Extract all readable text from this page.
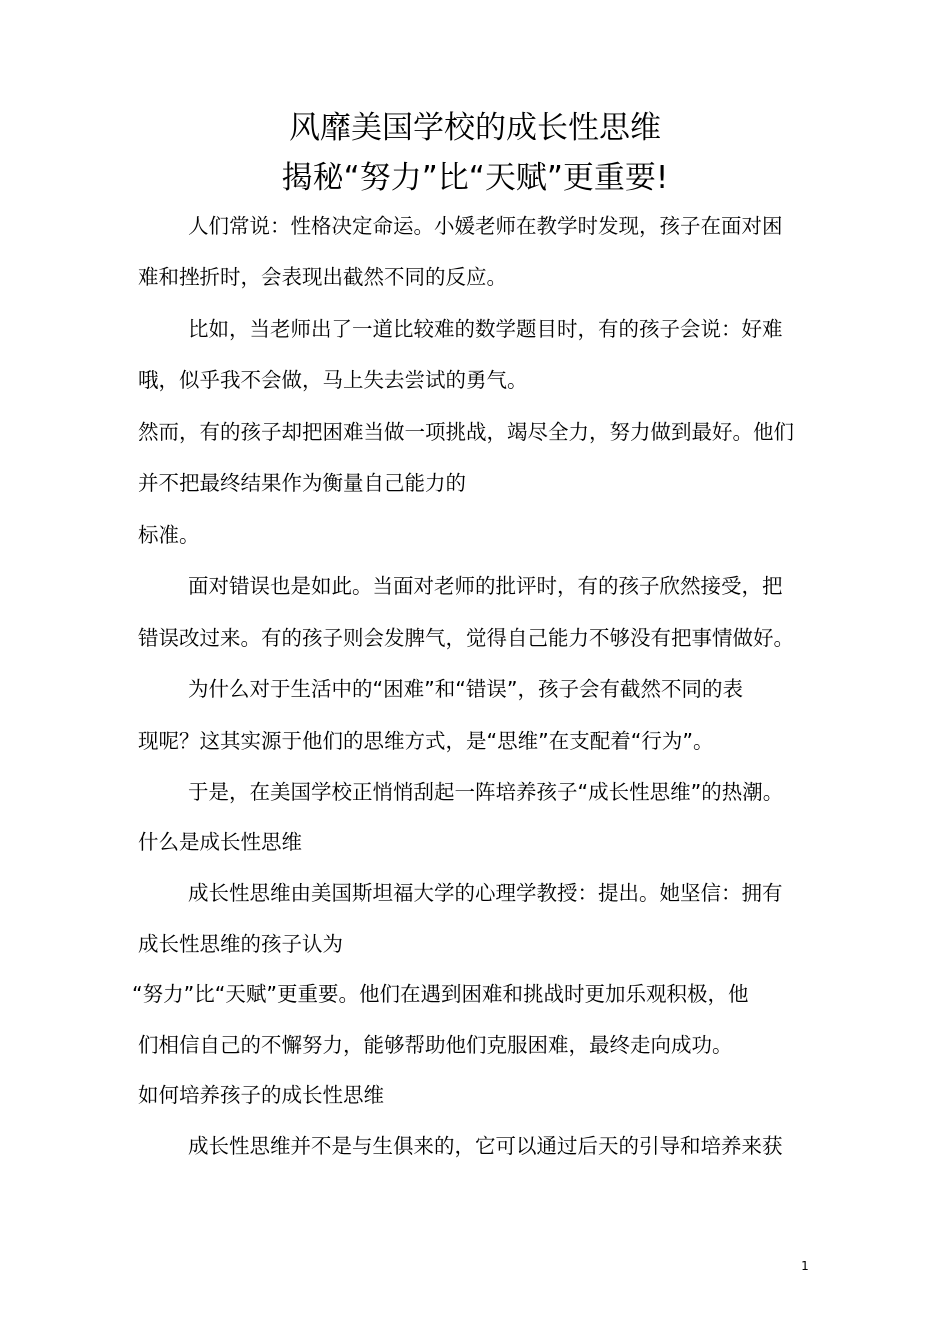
风靡美国学校的成长性思维
揭秘“努力”比“天赋”更重要!
人们常说：性格决定命运。小媛老师在教学时发现，孩子在面对困
难和挫折时，会表现出截然不同的反应。
比如，当老师出了一道比较难的数学题目时，有的孩子会说：好难
哦，似乎我不会做，马上失去尝试的勇气。
然而，有的孩子却把困难当做一项挑战，竭尽全力，努力做到最好。他们
并不把最终结果作为衡量自己能力的
标准。
面对错误也是如此。当面对老师的批评时，有的孩子欣然接受，把
错误改过来。有的孩子则会发脾气，觉得自己能力不够没有把事情做好。
为什么对于生活中的“困难”和“错误”，孩子会有截然不同的表
现呢？这其实源于他们的思维方式，是“思维”在支配着“行为”。
于是，在美国学校正悄悄刮起一阵培养孩子“成长性思维”的热潮。
什么是成长性思维
成长性思维由美国斯坦福大学的心理学教授：提出。她坚信：拥有
成长性思维的孩子认为
“努力”比“天赋”更重要。他们在遇到困难和挑战时更加乐观积极，他
们相信自己的不懈努力，能够帮助他们克服困难，最终走向成功。
如何培养孩子的成长性思维
成长性思维并不是与生俱来的，它可以通过后天的引导和培养来获
1
